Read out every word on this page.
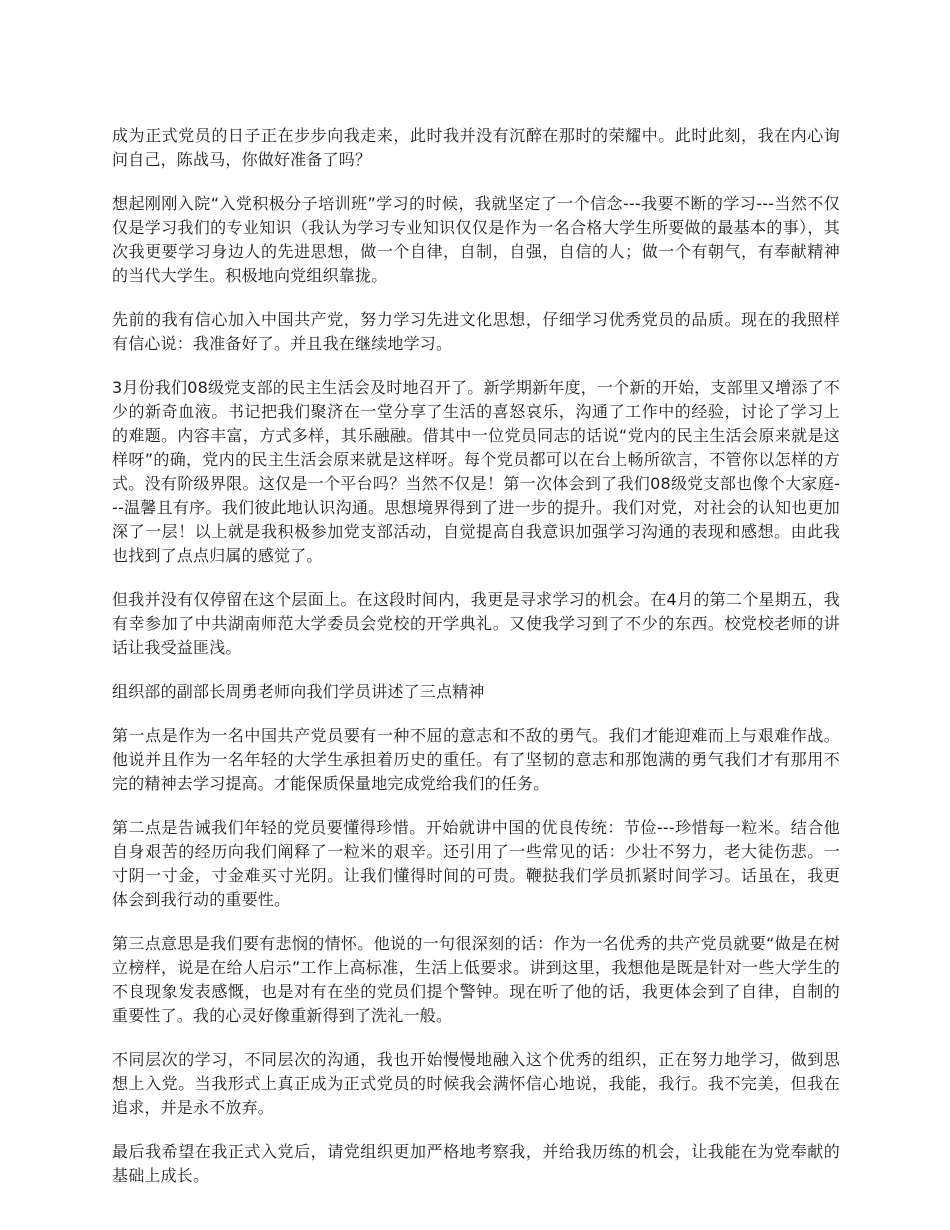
成为正式党员的日子正在步步向我走来，此时我并没有沉醉在那时的荣耀中。此时此刻，我在内心询问自己，陈战马，你做好准备了吗？

想起刚刚入院“入党积极分子培训班”学习的时候，我就坚定了一个信念---我要不断的学习---当然不仅仅是学习我们的专业知识（我认为学习专业知识仅仅是作为一名合格大学生所要做的最基本的事），其次我更要学习身边人的先进思想，做一个自律，自制，自强，自信的人；做一个有朝气，有奉献精神的当代大学生。积极地向党组织靠拢。

先前的我有信心加入中国共产党，努力学习先进文化思想，仔细学习优秀党员的品质。现在的我照样有信心说：我准备好了。并且我在继续地学习。

3月份我们08级党支部的民主生活会及时地召开了。新学期新年度，一个新的开始，支部里又增添了不少的新奇血液。书记把我们聚济在一堂分享了生活的喜怒哀乐，沟通了工作中的经验，讨论了学习上的难题。内容丰富，方式多样，其乐融融。借其中一位党员同志的话说“党内的民主生活会原来就是这样呀”的确，党内的民主生活会原来就是这样呀。每个党员都可以在台上畅所欲言，不管你以怎样的方式。没有阶级界限。这仅是一个平台吗？当然不仅是！第一次体会到了我们08级党支部也像个大家庭---温馨且有序。我们彼此地认识沟通。思想境界得到了进一步的提升。我们对党，对社会的认知也更加深了一层！以上就是我积极参加党支部活动，自觉提高自我意识加强学习沟通的表现和感想。由此我也找到了点点归属的感觉了。

但我并没有仅停留在这个层面上。在这段时间内，我更是寻求学习的机会。在4月的第二个星期五，我有幸参加了中共湖南师范大学委员会党校的开学典礼。又使我学习到了不少的东西。校党校老师的讲话让我受益匪浅。

组织部的副部长周勇老师向我们学员讲述了三点精神

第一点是作为一名中国共产党员要有一种不屈的意志和不敌的勇气。我们才能迎难而上与艰难作战。他说并且作为一名年轻的大学生承担着历史的重任。有了坚韧的意志和那饱满的勇气我们才有那用不完的精神去学习提高。才能保质保量地完成党给我们的任务。

第二点是告诫我们年轻的党员要懂得珍惜。开始就讲中国的优良传统：节俭---珍惜每一粒米。结合他自身艰苦的经历向我们阐释了一粒米的艰辛。还引用了一些常见的话：少壮不努力，老大徒伤悲。一寸阴一寸金，寸金难买寸光阴。让我们懂得时间的可贵。鞭挞我们学员抓紧时间学习。话虽在，我更体会到我行动的重要性。

第三点意思是我们要有悲悯的情怀。他说的一句很深刻的话：作为一名优秀的共产党员就要“做是在树立榜样，说是在给人启示”工作上高标准，生活上低要求。讲到这里，我想他是既是针对一些大学生的不良现象发表感慨，也是对有在坐的党员们提个警钟。现在听了他的话，我更体会到了自律，自制的重要性了。我的心灵好像重新得到了洗礼一般。

不同层次的学习，不同层次的沟通，我也开始慢慢地融入这个优秀的组织，正在努力地学习，做到思想上入党。当我形式上真正成为正式党员的时候我会满怀信心地说，我能，我行。我不完美，但我在追求，并是永不放弃。

最后我希望在我正式入党后，请党组织更加严格地考察我，并给我历练的机会，让我能在为党奉献的基础上成长。
